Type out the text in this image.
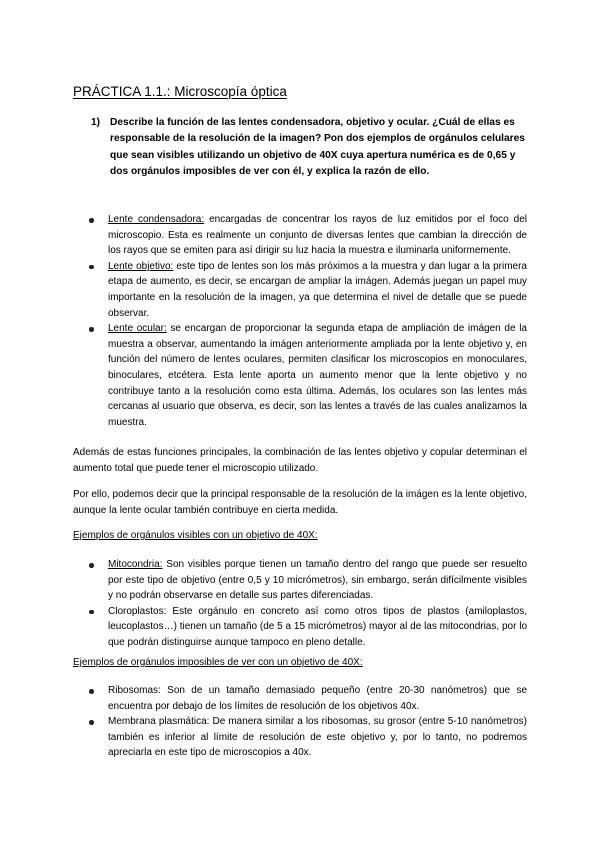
PRÁCTICA 1.1.: Microscopía óptica
1) Describe la función de las lentes condensadora, objetivo y ocular. ¿Cuál de ellas es responsable de la resolución de la imagen? Pon dos ejemplos de orgánulos celulares que sean visibles utilizando un objetivo de 40X cuya apertura numérica es de 0,65 y dos orgánulos imposibles de ver con él, y explica la razón de ello.
Lente condensadora: encargadas de concentrar los rayos de luz emitidos por el foco del microscopio. Esta es realmente un conjunto de diversas lentes que cambian la dirección de los rayos que se emiten para así dirigir su luz hacia la muestra e iluminarla uniformemente.
Lente objetivo: este tipo de lentes son los más próximos a la muestra y dan lugar a la primera etapa de aumento, es decir, se encargan de ampliar la imágen. Además juegan un papel muy importante en la resolución de la imagen, ya que determina el nivel de detalle que se puede observar.
Lente ocular: se encargan de proporcionar la segunda etapa de ampliación de imágen de la muestra a observar, aumentando la imágen anteriormente ampliada por la lente objetivo y, en función del número de lentes oculares, permiten clasificar los microscopios en monoculares, binoculares, etcétera. Esta lente aporta un aumento menor que la lente objetivo y no contribuye tanto a la resolución como esta última. Además, los oculares son las lentes más cercanas al usuario que observa, es decir, son las lentes a través de las cuales analizamos la muestra.

Además de estas funciones principales, la combinación de las lentes objetivo y copular determinan el aumento total que puede tener el microscopio utilizado.

Por ello, podemos decir que la principal responsable de la resolución de la imágen es la lente objetivo, aunque la lente ocular también contribuye en cierta medida.

Ejemplos de orgánulos visibles con un objetivo de 40X:

Mitocondria: Son visibles porque tienen un tamaño dentro del rango que puede ser resuelto por este tipo de objetivo (entre 0,5 y 10 micrómetros), sin embargo, serán difícilmente visibles y no podrán observarse en detalle sus partes diferenciadas.
Cloroplastos: Este orgánulo en concreto así como otros tipos de plastos (amiloplastos, leucoplastos…) tienen un tamaño (de 5 a 15 micrómetros) mayor al de las mitocondrias, por lo que podrán distinguirse aunque tampoco en pleno detalle.

Ejemplos de orgánulos imposibles de ver con un objetivo de 40X:

Ribosomas: Son de un tamaño demasiado pequeño (entre 20-30 nanómetros) que se encuentra por debajo de los límites de resolución de los objetivos 40x.
Membrana plasmática: De manera similar a los ribosomas, su grosor (entre 5-10 nanómetros) también es inferior al límite de resolución de este objetivo y, por lo tanto, no podremos apreciarla en este tipo de microscopios a 40x.
